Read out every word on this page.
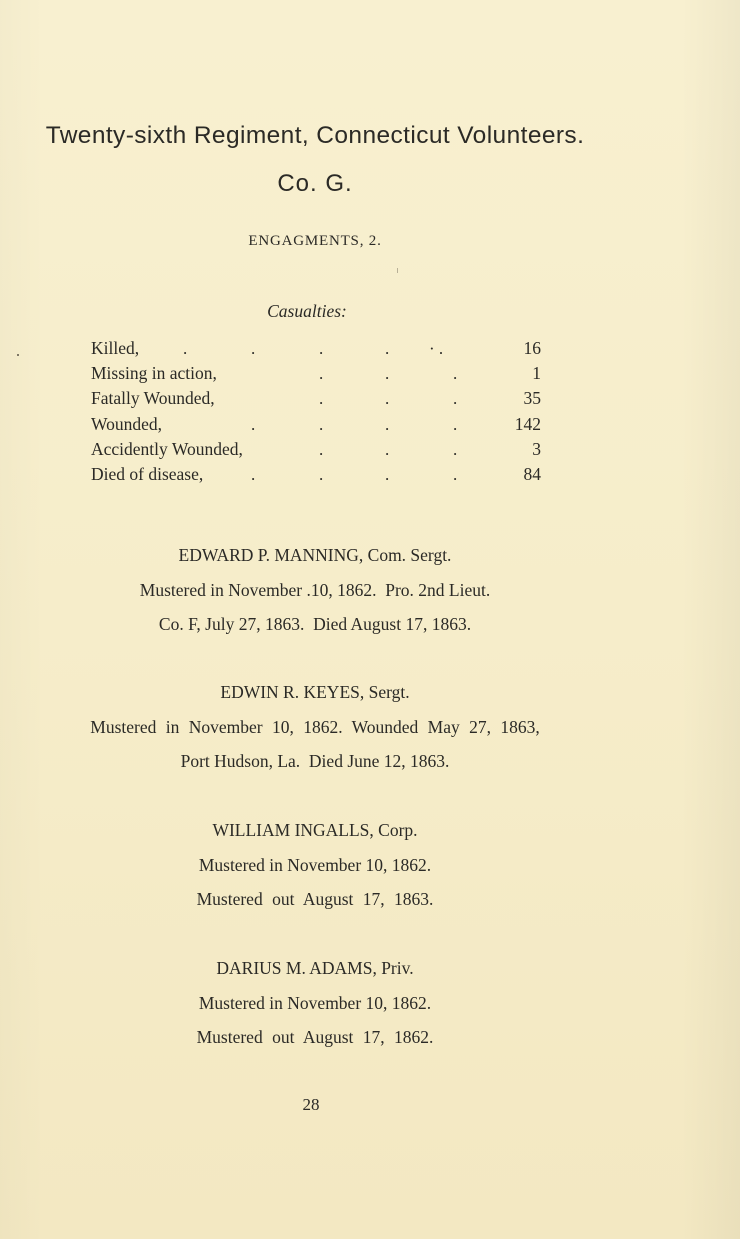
Twenty-sixth Regiment, Connecticut Volunteers.
Co. G.
ENGAGMENTS, 2.
Casualties:
Killed,	.	.	.	. · .	16
Missing in action,	.	.	.	1
Fatally Wounded,	.	.	.	35
Wounded,	.	.	.	.	142
Accidently Wounded,	.	.	.	3
Died of disease,	.	.	.	.	84
EDWARD P. MANNING, Com. Sergt.
Mustered in November .10, 1862.  Pro. 2nd Lieut.
Co. F, July 27, 1863.  Died August 17, 1863.
EDWIN R. KEYES, Sergt.
Mustered in November 10, 1862. Wounded May 27, 1863,
Port Hudson, La.  Died June 12, 1863.
WILLIAM INGALLS, Corp.
Mustered in November 10, 1862.
Mustered out August 17, 1863.
DARIUS M. ADAMS, Priv.
Mustered in November 10, 1862.
Mustered out August 17, 1862.
28
